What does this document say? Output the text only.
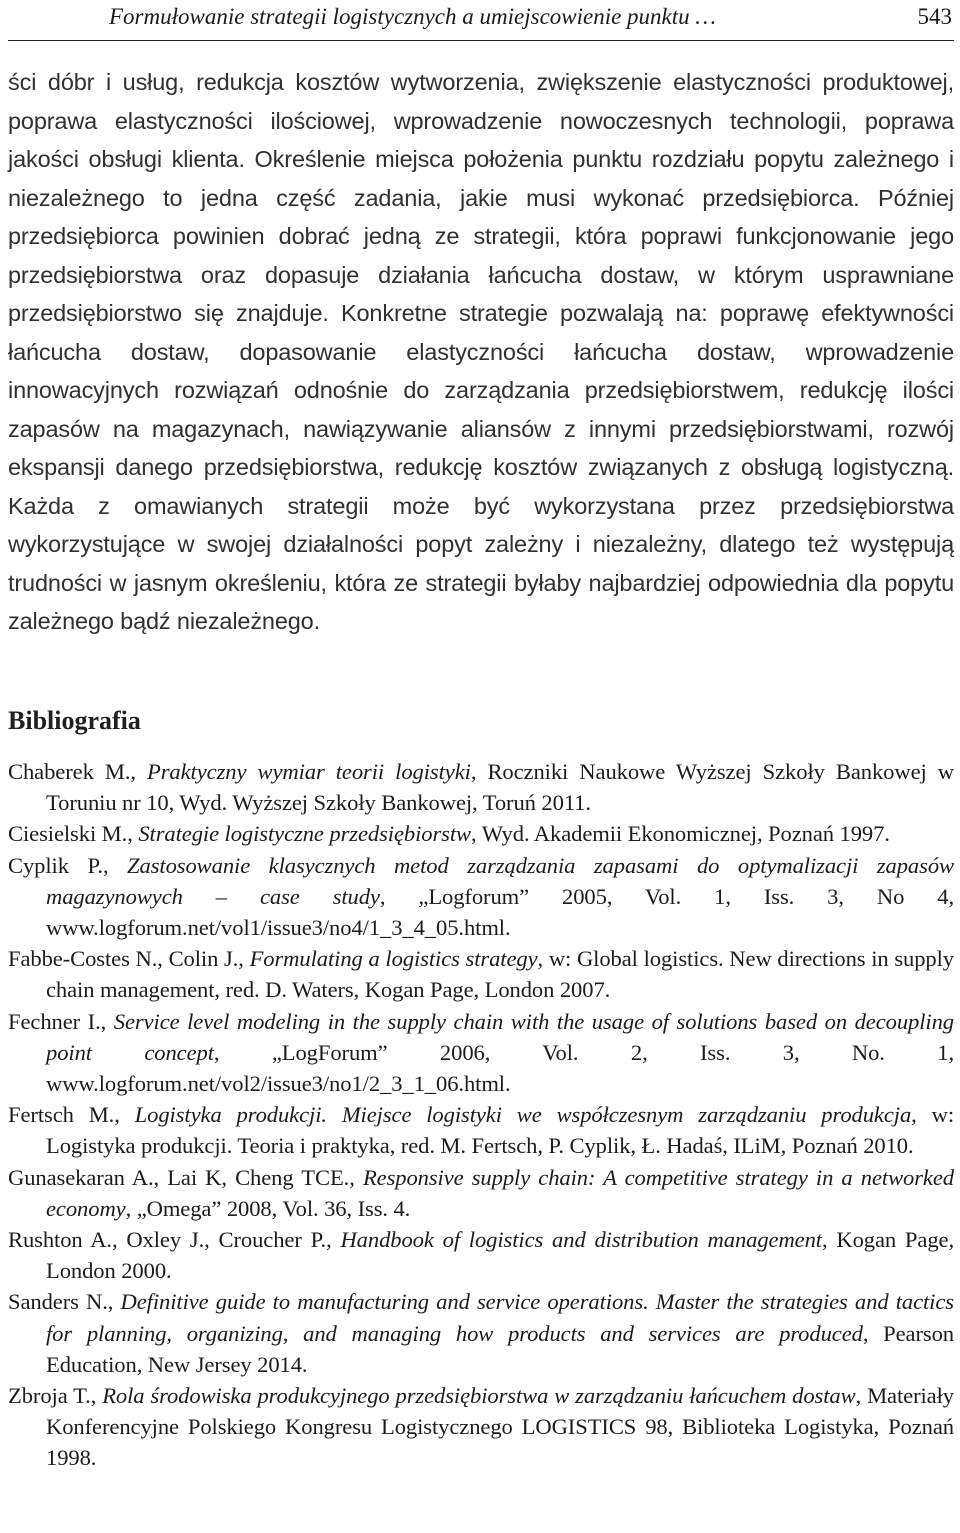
Formułowanie strategii logistycznych a umiejscowienie punktu …	543

ści dóbr i usług, redukcja kosztów wytworzenia, zwiększenie elastyczności produktowej, poprawa elastyczności ilościowej, wprowadzenie nowoczesnych technologii, poprawa jakości obsługi klienta. Określenie miejsca położenia punktu rozdziału popytu zależnego i niezależnego to jedna część zadania, jakie musi wykonać przedsiębiorca. Później przedsiębiorca powinien dobrać jedną ze strategii, która poprawi funkcjonowanie jego przedsiębiorstwa oraz dopasuje działania łańcucha dostaw, w którym usprawniane przedsiębiorstwo się znajduje. Konkretne strategie pozwalają na: poprawę efektywności łańcucha dostaw, dopasowanie elastyczności łańcucha dostaw, wprowadzenie innowacyjnych rozwiązań odnośnie do zarządzania przedsiębiorstwem, redukcję ilości zapasów na magazynach, nawiązywanie aliansów z innymi przedsiębiorstwami, rozwój ekspansji danego przedsiębiorstwa, redukcję kosztów związanych z obsługą logistyczną. Każda z omawianych strategii może być wykorzystana przez przedsiębiorstwa wykorzystujące w swojej działalności popyt zależny i niezależny, dlatego też występują trudności w jasnym określeniu, która ze strategii byłaby najbardziej odpowiednia dla popytu zależnego bądź niezależnego.

Bibliografia
Chaberek M., Praktyczny wymiar teorii logistyki, Roczniki Naukowe Wyższej Szkoły Bankowej w Toruniu nr 10, Wyd. Wyższej Szkoły Bankowej, Toruń 2011.
Ciesielski M., Strategie logistyczne przedsiębiorstw, Wyd. Akademii Ekonomicznej, Poznań 1997.
Cyplik P., Zastosowanie klasycznych metod zarządzania zapasami do optymalizacji zapasów magazynowych – case study, „Logforum” 2005, Vol. 1, Iss. 3, No 4, www.logforum.net/vol1/issue3/no4/1_3_4_05.html.
Fabbe-Costes N., Colin J., Formulating a logistics strategy, w: Global logistics. New directions in supply chain management, red. D. Waters, Kogan Page, London 2007.
Fechner I., Service level modeling in the supply chain with the usage of solutions based on decoupling point concept, „LogForum” 2006, Vol. 2, Iss. 3, No. 1, www.logforum.net/vol2/issue3/no1/2_3_1_06.html.
Fertsch M., Logistyka produkcji. Miejsce logistyki we współczesnym zarządzaniu produkcja, w: Logistyka produkcji. Teoria i praktyka, red. M. Fertsch, P. Cyplik, Ł. Hadaś, ILiM, Poznań 2010.
Gunasekaran A., Lai K, Cheng TCE., Responsive supply chain: A competitive strategy in a networked economy, „Omega” 2008, Vol. 36, Iss. 4.
Rushton A., Oxley J., Croucher P., Handbook of logistics and distribution management, Kogan Page, London 2000.
Sanders N., Definitive guide to manufacturing and service operations. Master the strategies and tactics for planning, organizing, and managing how products and services are produced, Pearson Education, New Jersey 2014.
Zbroja T., Rola środowiska produkcyjnego przedsiębiorstwa w zarządzaniu łańcuchem dostaw, Materiały Konferencyjne Polskiego Kongresu Logistycznego LOGISTICS 98, Biblioteka Logistyka, Poznań 1998.
